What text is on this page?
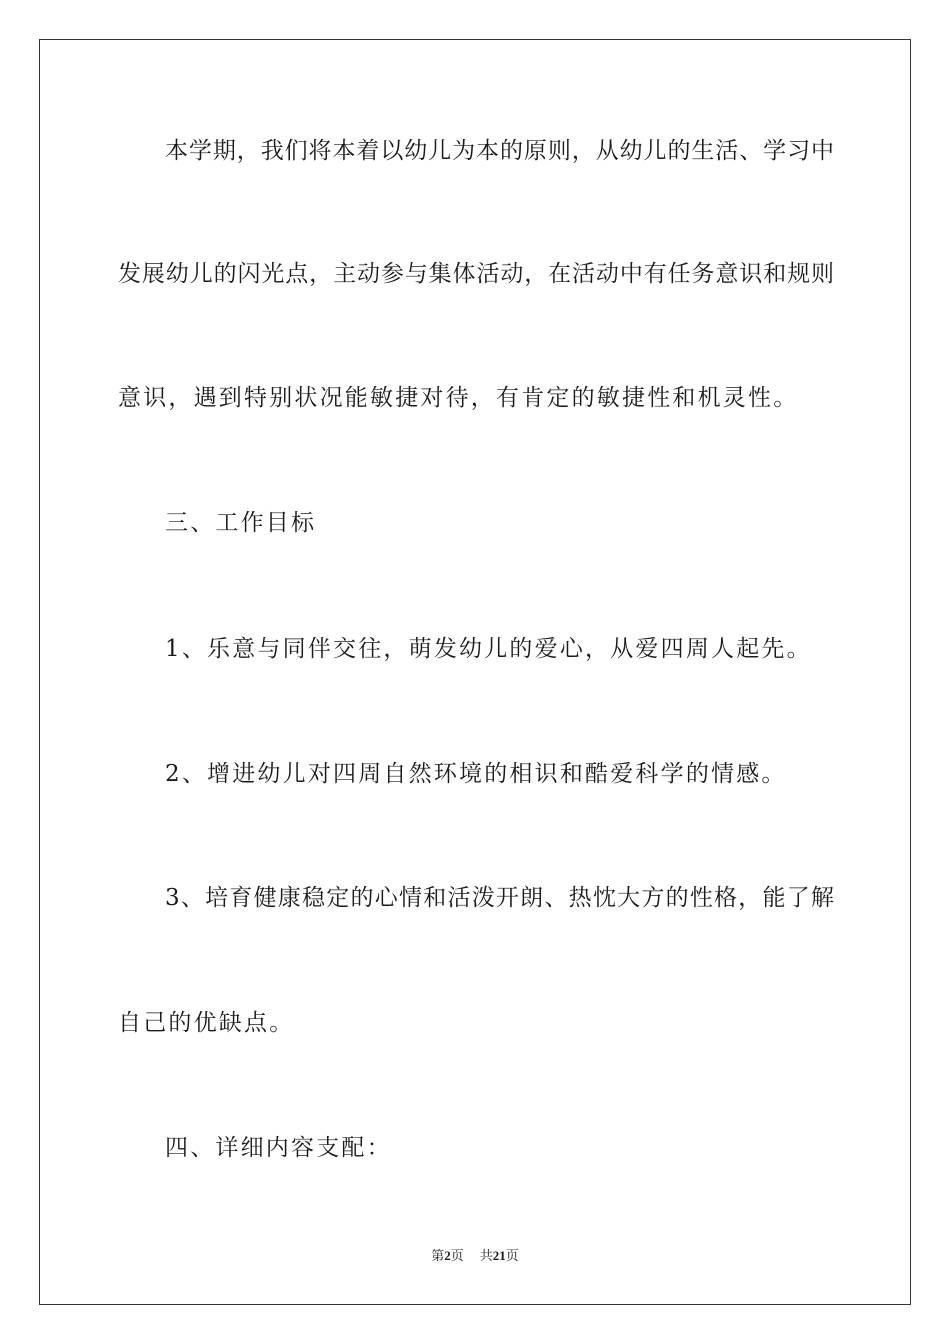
本学期，我们将本着以幼儿为本的原则，从幼儿的生活、学习中
发展幼儿的闪光点，主动参与集体活动，在活动中有任务意识和规则
意识，遇到特别状况能敏捷对待，有肯定的敏捷性和机灵性。
三、工作目标
1、乐意与同伴交往，萌发幼儿的爱心，从爱四周人起先。
2、增进幼儿对四周自然环境的相识和酷爱科学的情感。
3、培育健康稳定的心情和活泼开朗、热忱大方的性格，能了解
自己的优缺点。
四、详细内容支配：
第2页 共21页
